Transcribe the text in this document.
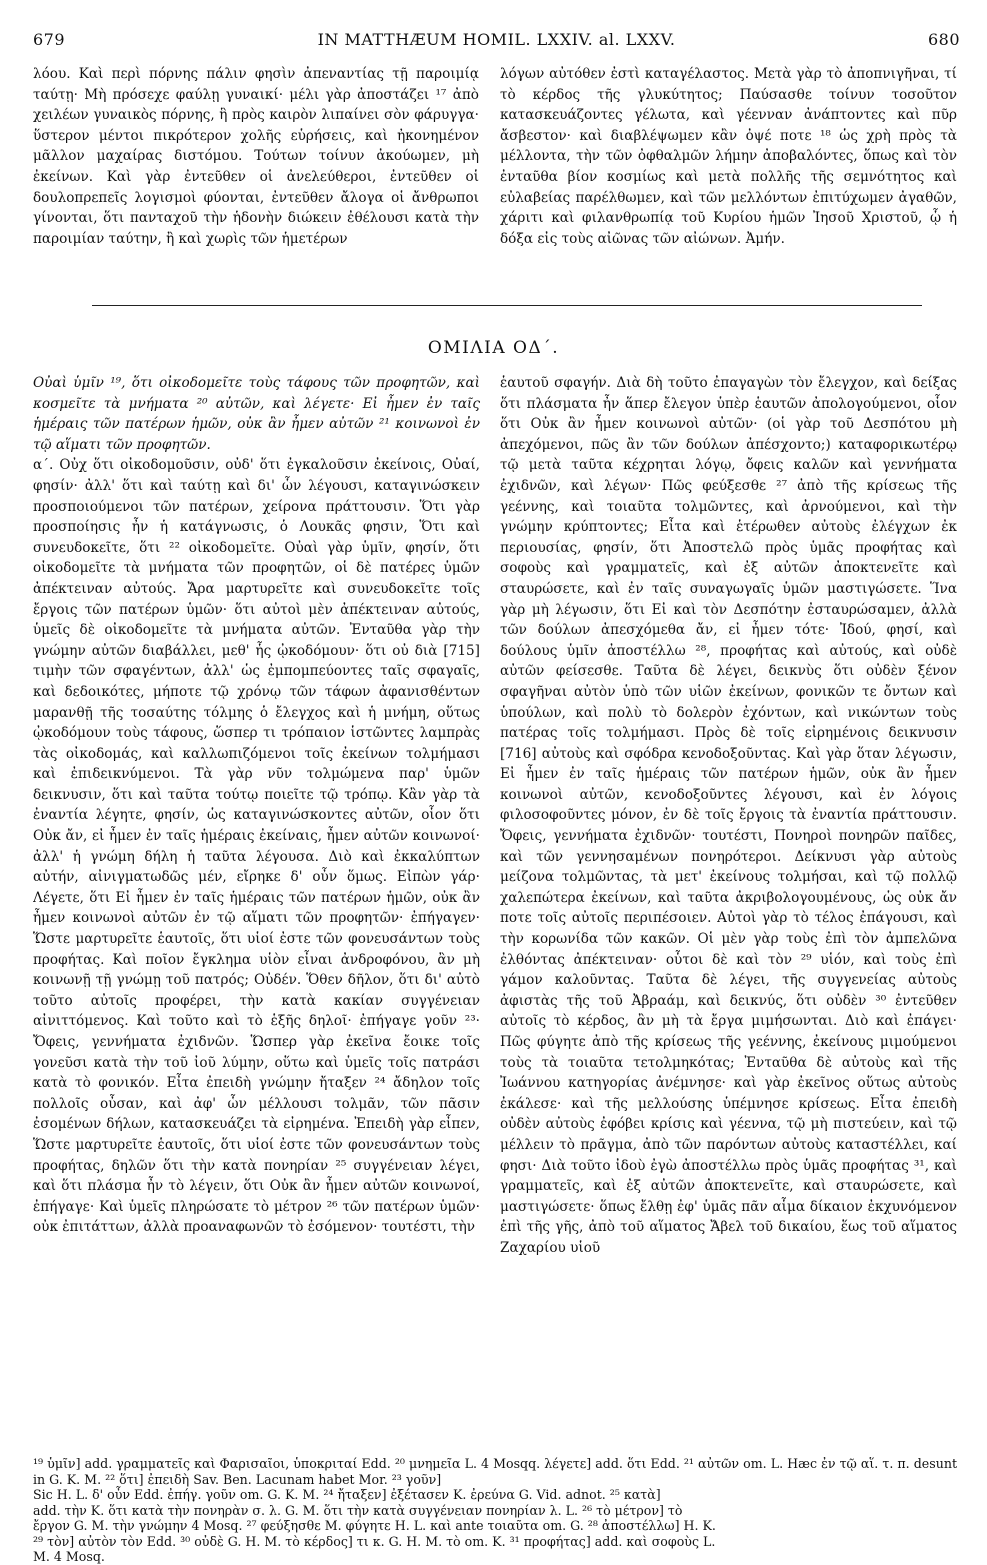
679	IN MATTHÆUM HOMIL. LXXIV. al. LXXV.	680

λόου. Καὶ περὶ πόρνης πάλιν φησὶν ἀπεναντίας τῇ παροιμίᾳ ταύτῃ· Μὴ πρόσεχε φαύλῃ γυναικί· μέλι γὰρ ἀποστάζει ¹⁷ ἀπὸ χειλέων γυναικὸς πόρνης, ἣ πρὸς καιρὸν λιπαίνει σὸν φάρυγγα· ὕστερον μέντοι πικρότερον χολῆς εὑρήσεις, καὶ ἠκονημένον μᾶλλον μαχαίρας διστόμου. Τούτων τοίνυν ἀκούωμεν, μὴ ἐκείνων. Καὶ γὰρ ἐντεῦθεν οἱ ἀνελεύθεροι, ἐντεῦθεν οἱ δουλοπρεπεῖς λογισμοὶ φύονται, ἐντεῦθεν ἄλογα οἱ ἄνθρωποι γίνονται, ὅτι πανταχοῦ τὴν ἡδονὴν διώκειν ἐθέλουσι κατὰ τὴν παροιμίαν ταύτην, ἢ καὶ χωρὶς τῶν ἡμετέρων

λόγων αὐτόθεν ἐστὶ καταγέλαστος. Μετὰ γὰρ τὸ ἀποπνιγῆναι, τί τὸ κέρδος τῆς γλυκύτητος; Παύσασθε τοίνυν τοσοῦτον κατασκευάζοντες γέλωτα, καὶ γέενναν ἀνάπτοντες καὶ πῦρ ἄσβεστον· καὶ διαβλέψωμεν κἂν ὀψέ ποτε ¹⁸ ὡς χρὴ πρὸς τὰ μέλλοντα, τὴν τῶν ὀφθαλμῶν λήμην ἀποβαλόντες, ὅπως καὶ τὸν ἐνταῦθα βίον κοσμίως καὶ μετὰ πολλῆς τῆς σεμνότητος καὶ εὐλαβείας παρέλθωμεν, καὶ τῶν μελλόντων ἐπιτύχωμεν ἀγαθῶν, χάριτι καὶ φιλανθρωπίᾳ τοῦ Κυρίου ἡμῶν Ἰησοῦ Χριστοῦ, ᾧ ἡ δόξα εἰς τοὺς αἰῶνας τῶν αἰώνων. Ἀμήν.

ΟΜΙΛΙΑ ΟΔ΄.

Οὐαὶ ὑμῖν ¹⁹, ὅτι οἰκοδομεῖτε τοὺς τάφους τῶν προφητῶν, καὶ κοσμεῖτε τὰ μνήματα ²⁰ αὐτῶν, καὶ λέγετε· Εἰ ἦμεν ἐν ταῖς ἡμέραις τῶν πατέρων ἡμῶν, οὐκ ἂν ἦμεν αὐτῶν ²¹ κοινωνοὶ ἐν τῷ αἵματι τῶν προφητῶν.

α΄. Οὐχ ὅτι οἰκοδομοῦσιν, οὐδ' ὅτι ἐγκαλοῦσιν ἐκείνοις, Οὐαί, φησίν· ἀλλ' ὅτι καὶ ταύτῃ καὶ δι' ὧν λέγουσι, καταγινώσκειν προσποιούμενοι τῶν πατέρων, χείρονα πράττουσιν. Ὅτι γὰρ προσποίησις ἦν ἡ κατάγνωσις, ὁ Λουκᾶς φησιν, Ὅτι καὶ συνευδοκεῖτε, ὅτι ²² οἰκοδομεῖτε. Οὐαὶ γὰρ ὑμῖν, φησίν, ὅτι οἰκοδομεῖτε τὰ μνήματα τῶν προφητῶν, οἱ δὲ πατέρες ὑμῶν ἀπέκτειναν αὐτούς. Ἄρα μαρτυρεῖτε καὶ συνευδοκεῖτε τοῖς ἔργοις τῶν πατέρων ὑμῶν· ὅτι αὐτοὶ μὲν ἀπέκτειναν αὐτούς, ὑμεῖς δὲ οἰκοδομεῖτε τὰ μνήματα αὐτῶν. Ἐνταῦθα γὰρ τὴν γνώμην αὐτῶν διαβάλλει, μεθ' ἧς ᾠκοδόμουν· ὅτι οὐ διὰ [715] τιμὴν τῶν σφαγέντων, ἀλλ' ὡς ἐμπομπεύοντες ταῖς σφαγαῖς, καὶ δεδοικότες, μήποτε τῷ χρόνῳ τῶν τάφων ἀφανισθέντων μαρανθῇ τῆς τοσαύτης τόλμης ὁ ἔλεγχος καὶ ἡ μνήμη, οὕτως ᾠκοδόμουν τοὺς τάφους, ὥσπερ τι τρόπαιον ἱστῶντες λαμπρὰς τὰς οἰκοδομάς, καὶ καλλωπιζόμενοι τοῖς ἐκείνων τολμήμασι καὶ ἐπιδεικνύμενοι. Τὰ γὰρ νῦν τολμώμενα παρ' ὑμῶν δεικνυσιν, ὅτι καὶ ταῦτα τούτῳ ποιεῖτε τῷ τρόπῳ. Κἂν γὰρ τὰ ἐναντία λέγητε, φησίν, ὡς καταγινώσκοντες αὐτῶν, οἷον ὅτι Οὐκ ἄν, εἰ ἦμεν ἐν ταῖς ἡμέραις ἐκείναις, ἦμεν αὐτῶν κοινωνοί· ἀλλ' ἡ γνώμη δήλη ἡ ταῦτα λέγουσα. Διὸ καὶ ἐκκαλύπτων αὐτήν, αἰνιγματωδῶς μέν, εἴρηκε δ' οὖν ὅμως. Εἰπὼν γάρ· Λέγετε, ὅτι Εἰ ἦμεν ἐν ταῖς ἡμέραις τῶν πατέρων ἡμῶν, οὐκ ἂν ἦμεν κοινωνοὶ αὐτῶν ἐν τῷ αἵματι τῶν προφητῶν· ἐπήγαγεν· Ὥστε μαρτυρεῖτε ἑαυτοῖς, ὅτι υἱοί ἐστε τῶν φονευσάντων τοὺς προφήτας. Καὶ ποῖον ἔγκλημα υἱὸν εἶναι ἀνδροφόνου, ἂν μὴ κοινωνῇ τῇ γνώμῃ τοῦ πατρός; Οὐδέν. Ὅθεν δῆλον, ὅτι δι' αὐτὸ τοῦτο αὐτοῖς προφέρει, τὴν κατὰ κακίαν συγγένειαν αἰνιττόμενος. Καὶ τοῦτο καὶ τὸ ἑξῆς δηλοῖ· ἐπήγαγε γοῦν ²³· Ὄφεις, γεννήματα ἐχιδνῶν. Ὥσπερ γὰρ ἐκεῖνα ἔοικε τοῖς γονεῦσι κατὰ τὴν τοῦ ἰοῦ λύμην, οὕτω καὶ ὑμεῖς τοῖς πατράσι κατὰ τὸ φονικόν. Εἶτα ἐπειδὴ γνώμην ἤταξεν ²⁴ ἄδηλον τοῖς πολλοῖς οὖσαν, καὶ ἀφ' ὧν μέλλουσι τολμᾶν, τῶν πᾶσιν ἐσομένων δήλων, κατασκευάζει τὰ εἰρημένα. Ἐπειδὴ γὰρ εἶπεν, Ὥστε μαρτυρεῖτε ἑαυτοῖς, ὅτι υἱοί ἐστε τῶν φονευσάντων τοὺς προφήτας, δηλῶν ὅτι τὴν κατὰ πονηρίαν ²⁵ συγγένειαν λέγει, καὶ ὅτι πλάσμα ἦν τὸ λέγειν, ὅτι Οὐκ ἂν ἦμεν αὐτῶν κοινωνοί, ἐπήγαγε· Καὶ ὑμεῖς πληρώσατε τὸ μέτρον ²⁶ τῶν πατέρων ὑμῶν· οὐκ ἐπιτάττων, ἀλλὰ προαναφωνῶν τὸ ἐσόμενον· τουτέστι, τὴν

ἑαυτοῦ σφαγήν. Διὰ δὴ τοῦτο ἐπαγαγὼν τὸν ἔλεγχον, καὶ δείξας ὅτι πλάσματα ἦν ἅπερ ἔλεγον ὑπὲρ ἑαυτῶν ἀπολογούμενοι, οἷον ὅτι Οὐκ ἂν ἦμεν κοινωνοὶ αὐτῶν· (οἱ γὰρ τοῦ Δεσπότου μὴ ἀπεχόμενοι, πῶς ἂν τῶν δούλων ἀπέσχοντο;) καταφορικωτέρῳ τῷ μετὰ ταῦτα κέχρηται λόγῳ, ὄφεις καλῶν καὶ γεννήματα ἐχιδνῶν, καὶ λέγων· Πῶς φεύξεσθε ²⁷ ἀπὸ τῆς κρίσεως τῆς γεέννης, καὶ τοιαῦτα τολμῶντες, καὶ ἀρνούμενοι, καὶ τὴν γνώμην κρύπτοντες; Εἶτα καὶ ἑτέρωθεν αὐτοὺς ἐλέγχων ἐκ περιουσίας, φησίν, ὅτι Ἀποστελῶ πρὸς ὑμᾶς προφήτας καὶ σοφοὺς καὶ γραμματεῖς, καὶ ἐξ αὐτῶν ἀποκτενεῖτε καὶ σταυρώσετε, καὶ ἐν ταῖς συναγωγαῖς ὑμῶν μαστιγώσετε. Ἵνα γὰρ μὴ λέγωσιν, ὅτι Εἰ καὶ τὸν Δεσπότην ἐσταυρώσαμεν, ἀλλὰ τῶν δούλων ἀπεσχόμεθα ἄν, εἰ ἦμεν τότε· Ἰδού, φησί, καὶ δούλους ὑμῖν ἀποστέλλω ²⁸, προφήτας καὶ αὐτούς, καὶ οὐδὲ αὐτῶν φείσεσθε. Ταῦτα δὲ λέγει, δεικνὺς ὅτι οὐδὲν ξένον σφαγῆναι αὐτὸν ὑπὸ τῶν υἱῶν ἐκείνων, φονικῶν τε ὄντων καὶ ὑπούλων, καὶ πολὺ τὸ δολερὸν ἐχόντων, καὶ νικώντων τοὺς πατέρας τοῖς τολμήμασι. Πρὸς δὲ τοῖς εἰρημένοις δεικνυσιν [716] αὐτοὺς καὶ σφόδρα κενοδοξοῦντας. Καὶ γὰρ ὅταν λέγωσιν, Εἰ ἦμεν ἐν ταῖς ἡμέραις τῶν πατέρων ἡμῶν, οὐκ ἂν ἦμεν κοινωνοὶ αὐτῶν, κενοδοξοῦντες λέγουσι, καὶ ἐν λόγοις φιλοσοφοῦντες μόνον, ἐν δὲ τοῖς ἔργοις τὰ ἐναντία πράττουσιν. Ὄφεις, γεννήματα ἐχιδνῶν· τουτέστι, Πονηροὶ πονηρῶν παῖδες, καὶ τῶν γεννησαμένων πονηρότεροι. Δείκνυσι γὰρ αὐτοὺς μείζονα τολμῶντας, τὰ μετ' ἐκείνους τολμήσαι, καὶ τῷ πολλῷ χαλεπώτερα ἐκείνων, καὶ ταῦτα ἀκριβολογουμένους, ὡς οὐκ ἄν ποτε τοῖς αὐτοῖς περιπέσοιεν. Αὐτοὶ γὰρ τὸ τέλος ἐπάγουσι, καὶ τὴν κορωνίδα τῶν κακῶν. Οἱ μὲν γὰρ τοὺς ἐπὶ τὸν ἀμπελῶνα ἐλθόντας ἀπέκτειναν· οὗτοι δὲ καὶ τὸν ²⁹ υἱόν, καὶ τοὺς ἐπὶ γάμον καλοῦντας. Ταῦτα δὲ λέγει, τῆς συγγενείας αὐτοὺς ἀφιστὰς τῆς τοῦ Ἀβραάμ, καὶ δεικνύς, ὅτι οὐδὲν ³⁰ ἐντεῦθεν αὐτοῖς τὸ κέρδος, ἂν μὴ τὰ ἔργα μιμήσωνται. Διὸ καὶ ἐπάγει· Πῶς φύγητε ἀπὸ τῆς κρίσεως τῆς γεέννης, ἐκείνους μιμούμενοι τοὺς τὰ τοιαῦτα τετολμηκότας; Ἐνταῦθα δὲ αὐτοὺς καὶ τῆς Ἰωάννου κατηγορίας ἀνέμνησε· καὶ γὰρ ἐκεῖνος οὕτως αὐτοὺς ἐκάλεσε· καὶ τῆς μελλούσης ὑπέμνησε κρίσεως. Εἶτα ἐπειδὴ οὐδὲν αὐτοὺς ἐφόβει κρίσις καὶ γέεννα, τῷ μὴ πιστεύειν, καὶ τῷ μέλλειν τὸ πρᾶγμα, ἀπὸ τῶν παρόντων αὐτοὺς καταστέλλει, καί φησι· Διὰ τοῦτο ἰδοὺ ἐγὼ ἀποστέλλω πρὸς ὑμᾶς προφήτας ³¹, καὶ γραμματεῖς, καὶ ἐξ αὐτῶν ἀποκτενεῖτε, καὶ σταυρώσετε, καὶ μαστιγώσετε· ὅπως ἔλθῃ ἐφ' ὑμᾶς πᾶν αἷμα δίκαιον ἐκχυνόμενον ἐπὶ τῆς γῆς, ἀπὸ τοῦ αἵματος Ἄβελ τοῦ δικαίου, ἕως τοῦ αἵματος Ζαχαρίου υἱοῦ

¹⁹ ὑμῖν] add. γραμματεῖς καὶ Φαρισαῖοι, ὑποκριταί Edd. ²⁰ μνημεῖα L. 4 Mosqq. λέγετε] add. ὅτι Edd. ²¹ αὐτῶν om. L. Hæc ἐν τῷ αἵ. τ. π. desunt in G. K. M. ²² ὅτι] ἐπειδὴ Sav. Ben. Lacunam habet Mor. ²³ γοῦν]

Sic H. L. δ' οὖν Edd. ἐπήγ. γοῦν om. G. K. M. ²⁴ ἤταξεν] ἐξέτασεν K. ἐρεύνα G. Vid. adnot. ²⁵ κατὰ]

add. τὴν K. ὅτι κατὰ τὴν πονηρὰν σ. λ. G. M. ὅτι τὴν κατὰ συγγένειαν πονηρίαν λ. L. ²⁶ τὸ μέτρον] τὸ

ἔργον G. M. τὴν γνώμην 4 Mosq. ²⁷ φεύξησθε M. φύγητε H. L. καὶ ante τοιαῦτα om. G. ²⁸ ἀποστέλλω] H. K.

²⁹ τὸν] αὐτὸν τὸν Edd. ³⁰ οὐδὲ G. H. M. τὸ κέρδος] τι κ. G. H. M. τὸ om. K. ³¹ προφήτας] add. καὶ σοφοὺς L.

M. 4 Mosq.
